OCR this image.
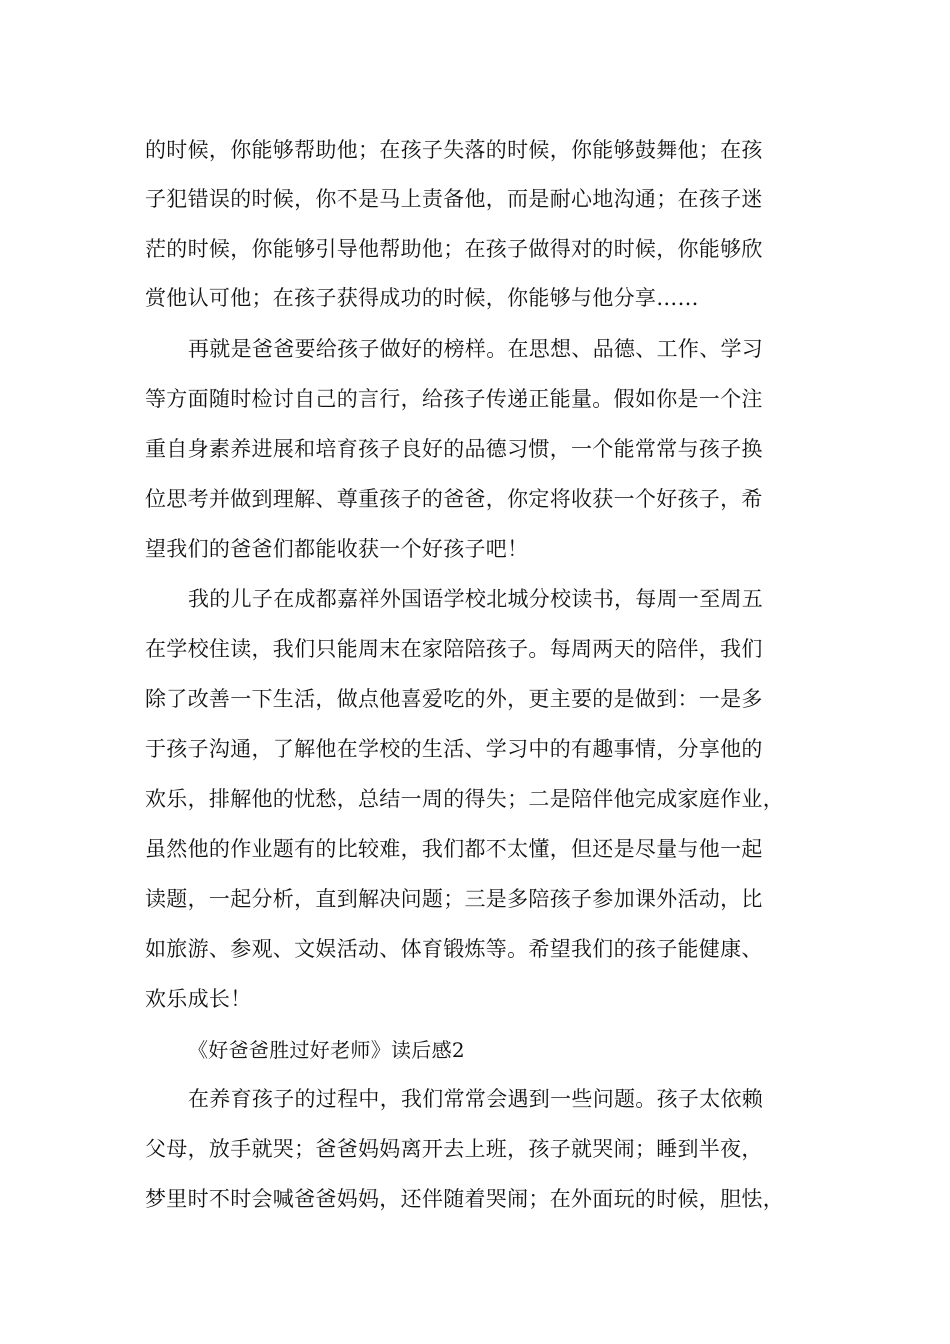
的时候，你能够帮助他；在孩子失落的时候，你能够鼓舞他；在孩
子犯错误的时候，你不是马上责备他，而是耐心地沟通；在孩子迷
茫的时候，你能够引导他帮助他；在孩子做得对的时候，你能够欣
赏他认可他；在孩子获得成功的时候，你能够与他分享……
再就是爸爸要给孩子做好的榜样。在思想、品德、工作、学习
等方面随时检讨自己的言行，给孩子传递正能量。假如你是一个注
重自身素养进展和培育孩子良好的品德习惯，一个能常常与孩子换
位思考并做到理解、尊重孩子的爸爸，你定将收获一个好孩子，希
望我们的爸爸们都能收获一个好孩子吧！
我的儿子在成都嘉祥外国语学校北城分校读书，每周一至周五
在学校住读，我们只能周末在家陪陪孩子。每周两天的陪伴，我们
除了改善一下生活，做点他喜爱吃的外，更主要的是做到：一是多
于孩子沟通，了解他在学校的生活、学习中的有趣事情，分享他的
欢乐，排解他的忧愁，总结一周的得失；二是陪伴他完成家庭作业，
虽然他的作业题有的比较难，我们都不太懂，但还是尽量与他一起
读题，一起分析，直到解决问题；三是多陪孩子参加课外活动，比
如旅游、参观、文娱活动、体育锻炼等。希望我们的孩子能健康、
欢乐成长！
《好爸爸胜过好老师》读后感2
在养育孩子的过程中，我们常常会遇到一些问题。孩子太依赖
父母，放手就哭；爸爸妈妈离开去上班，孩子就哭闹；睡到半夜，
梦里时不时会喊爸爸妈妈，还伴随着哭闹；在外面玩的时候，胆怯，
